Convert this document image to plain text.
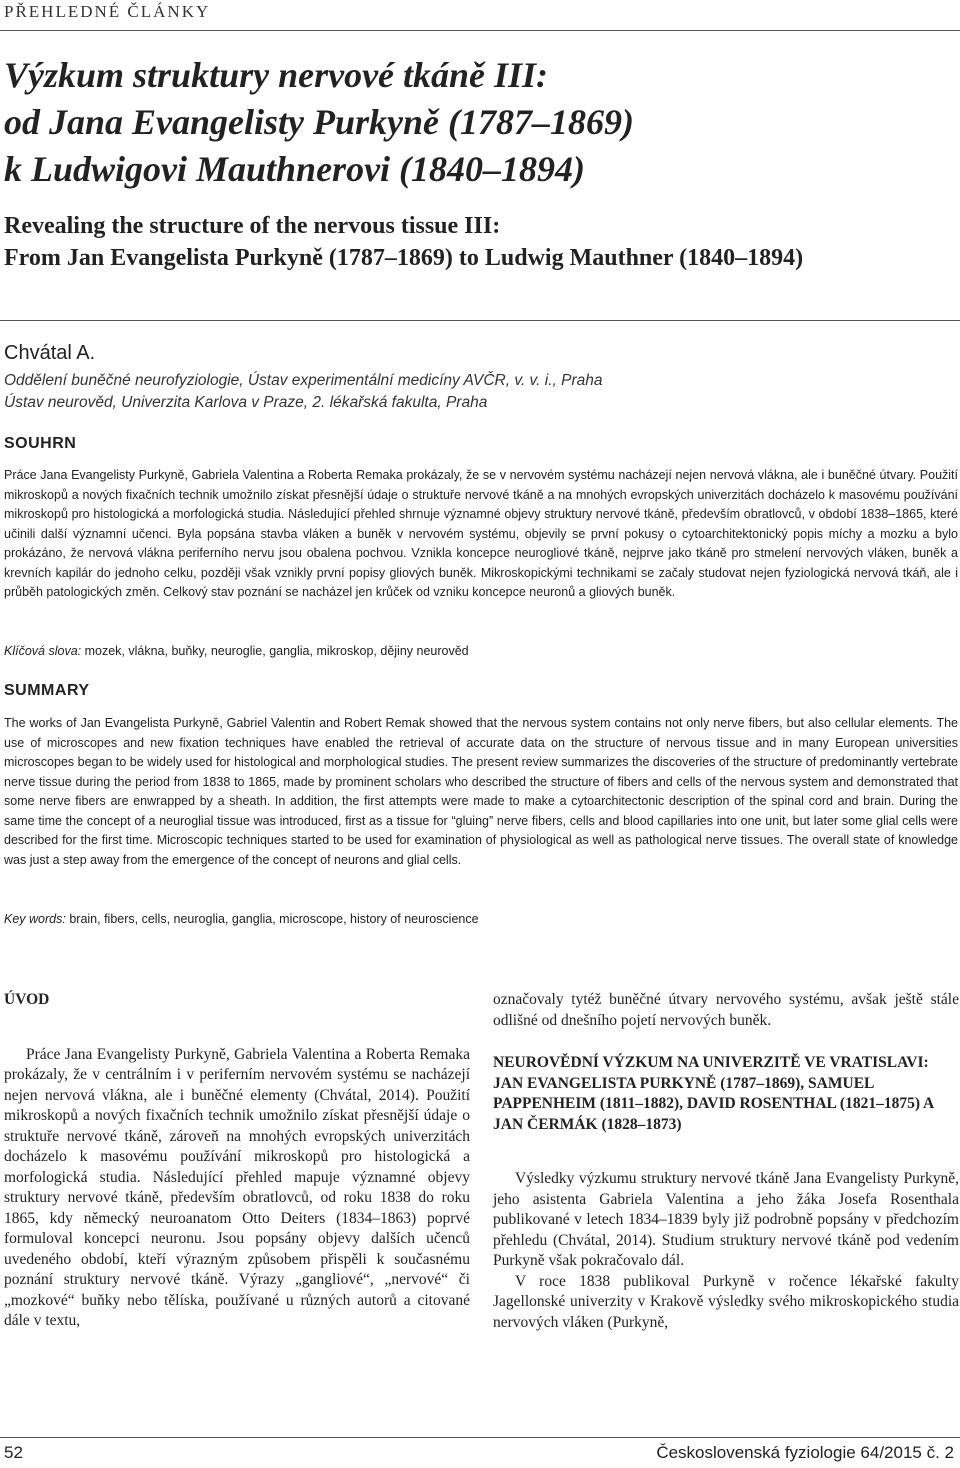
PŘEHLEDNÉ ČLÁNKY
Výzkum struktury nervové tkáně III:
od Jana Evangelisty Purkyně (1787–1869)
k Ludwigovi Mauthnerovi (1840–1894)
Revealing the structure of the nervous tissue III:
From Jan Evangelista Purkyně (1787–1869) to Ludwig Mauthner (1840–1894)
Chvátal A.
Oddělení buněčné neurofyziologie, Ústav experimentální medicíny AVČR, v. v. i., Praha
Ústav neurověd, Univerzita Karlova v Praze, 2. lékařská fakulta, Praha
SOUHRN

Práce Jana Evangelisty Purkyně, Gabriela Valentina a Roberta Remaka prokázaly, že se v nervovém systému nacházejí nejen nervová vlákna, ale i buněčné útvary. Použití mikroskopů a nových fixačních technik umožnilo získat přesnější údaje o struktuře nervové tkáně a na mnohých evropských univerzitách docházelo k masovému používání mikroskopů pro histologická a morfologická studia. Následující přehled shrnuje významné objevy struktury nervové tkáně, především obratlovců, v období 1838–1865, které učinili další významní učenci. Byla popsána stavba vláken a buněk v nervovém systému, objevily se první pokusy o cytoarchitektonický popis míchy a mozku a bylo prokázáno, že nervová vlákna periferního nervu jsou obalena pochvou. Vznikla koncepce neurogliové tkáně, nejprve jako tkáně pro stmelení nervových vláken, buněk a krevních kapilár do jednoho celku, později však vznikly první popisy gliových buněk. Mikroskopickými technikami se začaly studovat nejen fyziologická nervová tkáň, ale i průběh patologických změn. Celkový stav poznání se nacházel jen krůček od vzniku koncepce neuronů a gliových buněk.

Klíčová slova: mozek, vlákna, buňky, neuroglie, ganglia, mikroskop, dějiny neurověd
SUMMARY

The works of Jan Evangelista Purkyně, Gabriel Valentin and Robert Remak showed that the nervous system contains not only nerve fibers, but also cellular elements. The use of microscopes and new fixation techniques have enabled the retrieval of accurate data on the structure of nervous tissue and in many European universities microscopes began to be widely used for histological and morphological studies. The present review summarizes the discoveries of the structure of predominantly vertebrate nerve tissue during the period from 1838 to 1865, made by prominent scholars who described the structure of fibers and cells of the nervous system and demonstrated that some nerve fibers are enwrapped by a sheath. In addition, the first attempts were made to make a cytoarchitectonic description of the spinal cord and brain. During the same time the concept of a neuroglial tissue was introduced, first as a tissue for “gluing” nerve fibers, cells and blood capillaries into one unit, but later some glial cells were described for the first time. Microscopic techniques started to be used for examination of physiological as well as pathological nerve tissues. The overall state of knowledge was just a step away from the emergence of the concept of neurons and glial cells.

Key words: brain, fibers, cells, neuroglia, ganglia, microscope, history of neuroscience
ÚVOD

Práce Jana Evangelisty Purkyně, Gabriela Valentina a Roberta Remaka prokázaly, že v centrálním i v periferním nervovém systému se nacházejí nejen nervová vlákna, ale i buněčné elementy (Chvátal, 2014). Použití mikroskopů a nových fixačních technik umožnilo získat přesnější údaje o struktuře nervové tkáně, zároveň na mnohých evropských univerzitách docházelo k masovému používání mikroskopů pro histologická a morfologická studia. Následující přehled mapuje významné objevy struktury nervové tkáně, především obratlovců, od roku 1838 do roku 1865, kdy německý neuroanatom Otto Deiters (1834–1863) poprvé formuloval koncepci neuronu. Jsou popsány objevy dalších učenců uvedeného období, kteří výrazným způsobem přispěli k současnému poznání struktury nervové tkáně. Výrazy „gangliové“, „nervové“ či „mozkové“ buňky nebo tělíska, používané u různých autorů a citované dále v textu,

označovaly tytéž buněčné útvary nervového systému, avšak ještě stále odlišné od dnešního pojetí nervových buněk.

NEUROVĚDNÍ VÝZKUM NA UNIVERZITĚ VE VRATISLAVI: JAN EVANGELISTA PURKYNĚ (1787–1869), SAMUEL PAPPENHEIM (1811–1882), DAVID ROSENTHAL (1821–1875) A JAN ČERMÁK (1828–1873)

Výsledky výzkumu struktury nervové tkáně Jana Evangelisty Purkyně, jeho asistenta Gabriela Valentina a jeho žáka Josefa Rosenthala publikované v letech 1834–1839 byly již podrobně popsány v předchozím přehledu (Chvátal, 2014). Studium struktury nervové tkáně pod vedením Purkyně však pokračovalo dál.

V roce 1838 publikoval Purkyně v ročence lékařské fakulty Jagellonské univerzity v Krakově výsledky svého mikroskopického studia nervových vláken (Purkyně,

52	Československá fyziologie 64/2015 č. 2
